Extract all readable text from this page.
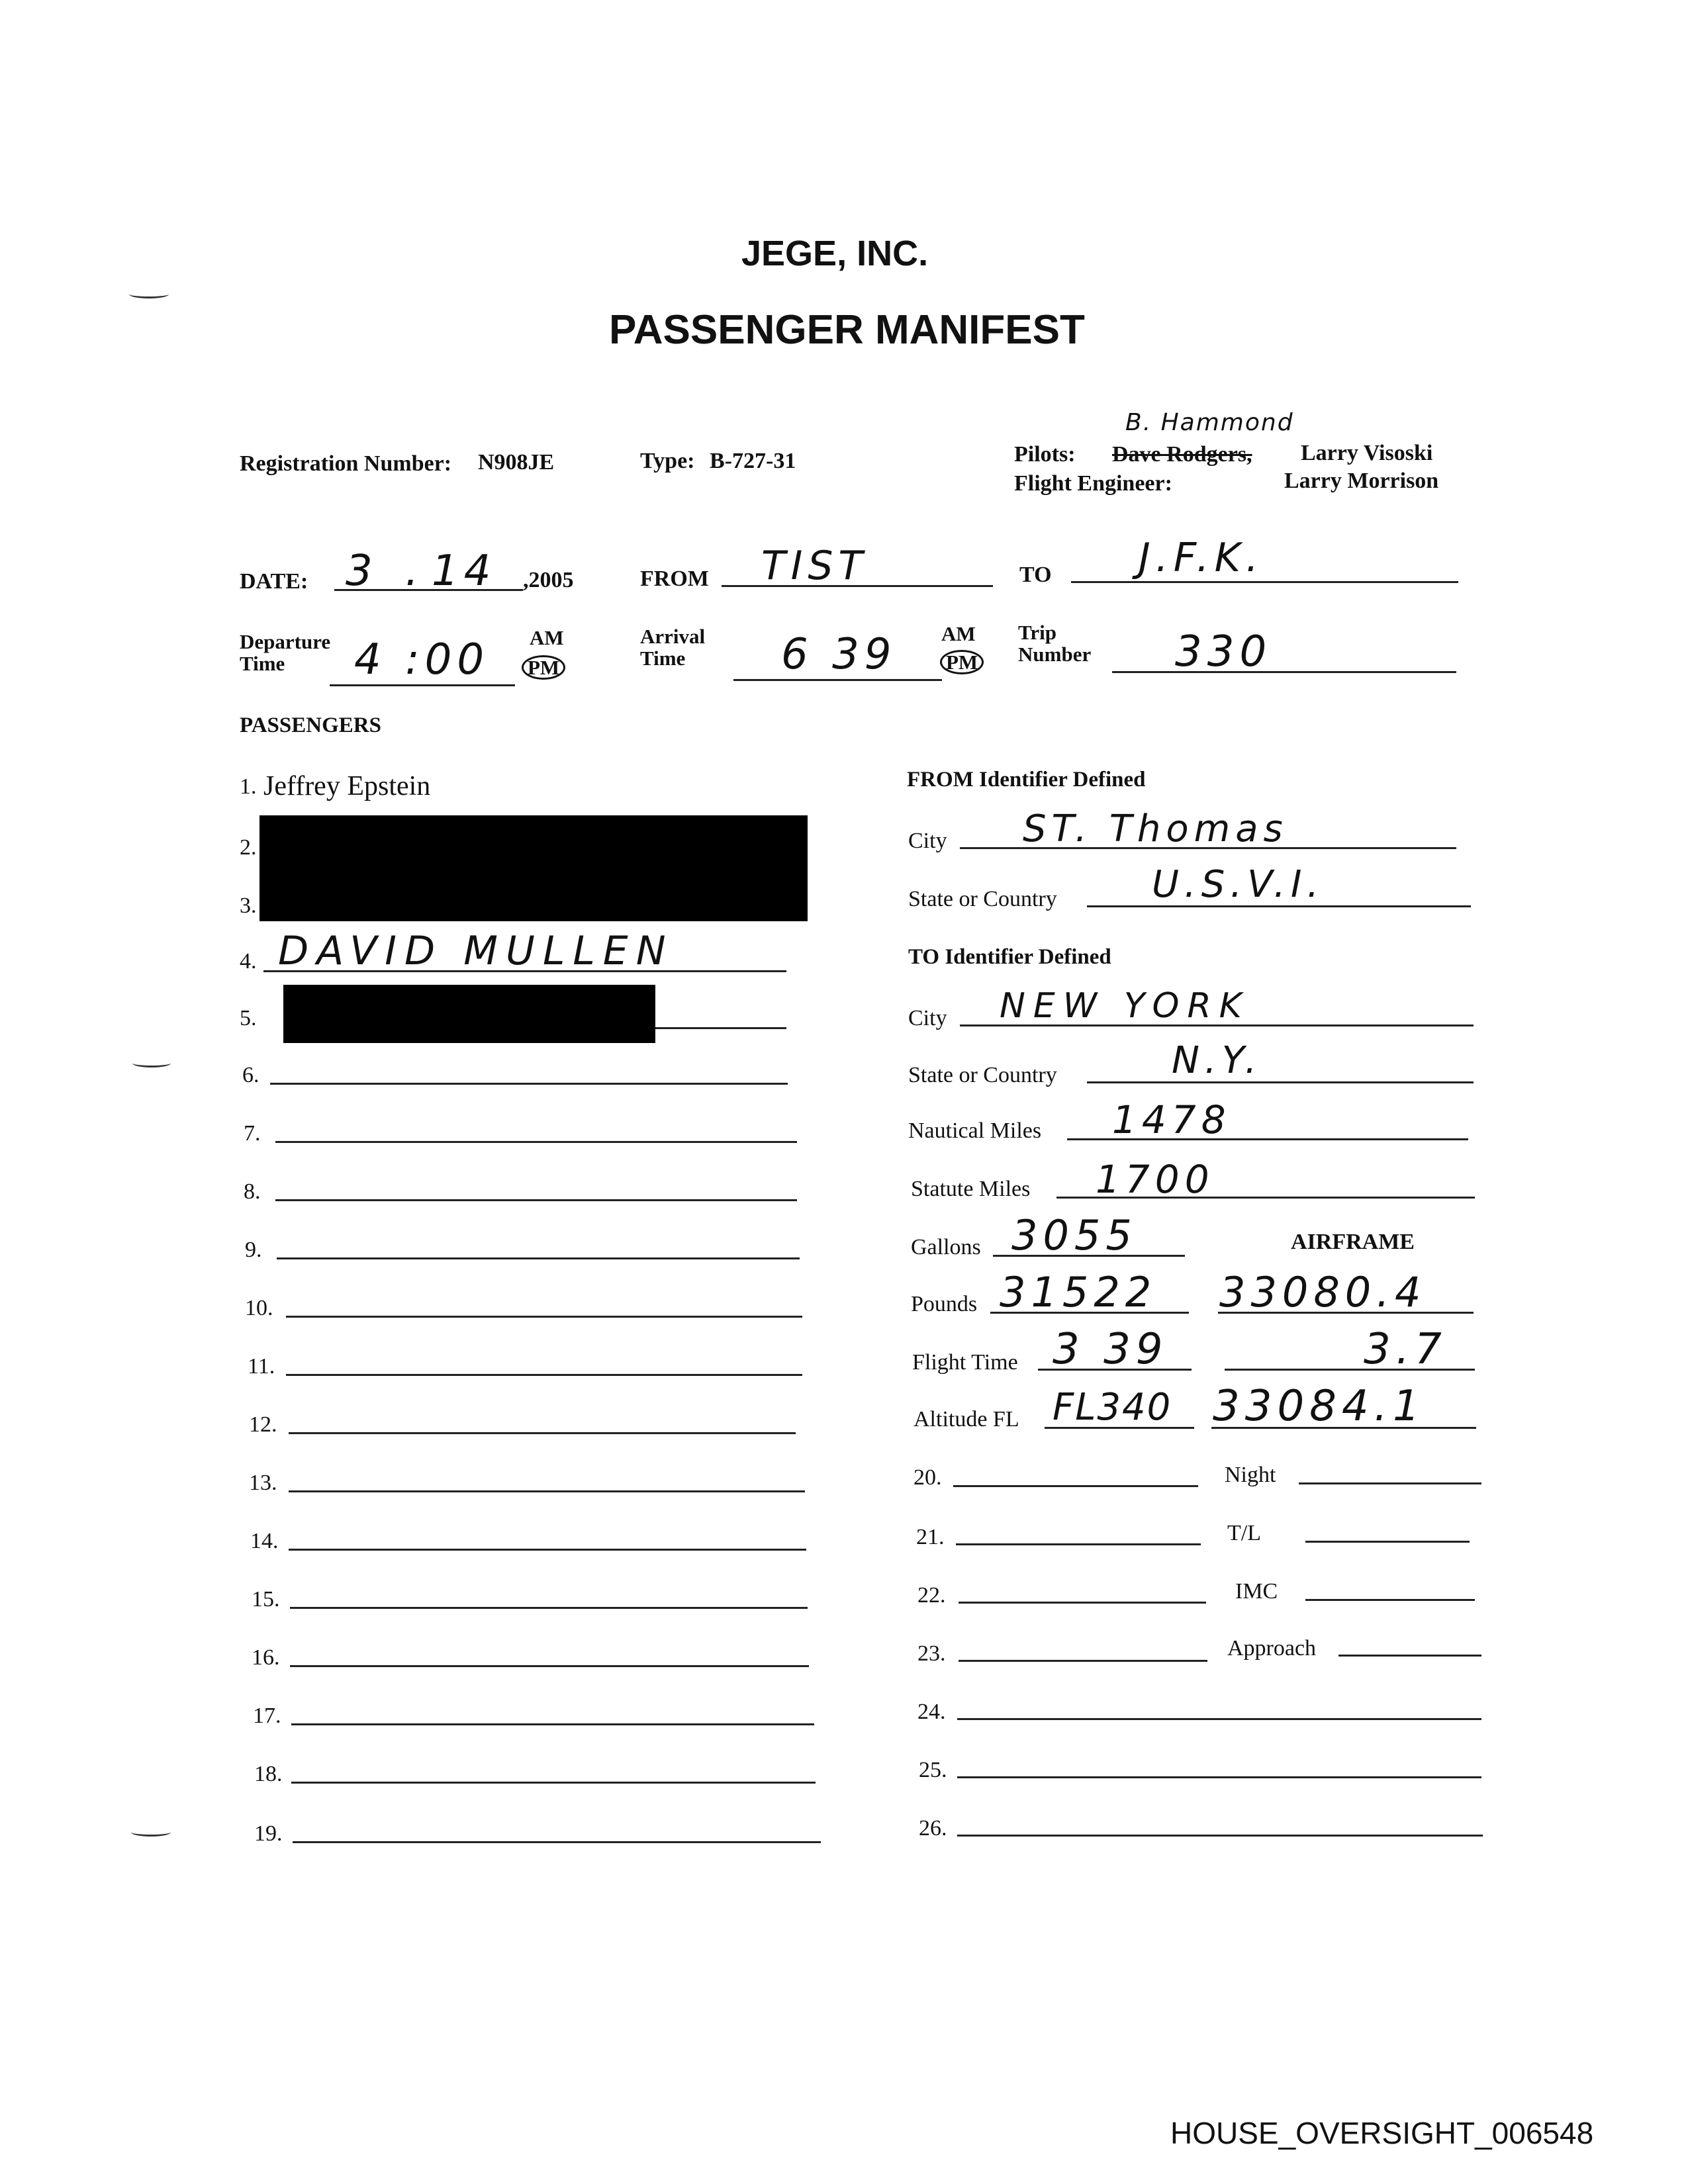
JEGE, INC.
PASSENGER MANIFEST
Registration Number: N908JE	Type: B-727-31
B. Hammond
Pilots: Dave Rodgers, Larry Visoski
Flight Engineer:	Larry Morrison
DATE: 3 . 14 ,2005	FROM TIST	TO J.F.K.
Departure
Time	4 :00 AM
PM
Arrival
Time	6 39 AM
PM
Trip
Number 330
PASSENGERS
1. Jeffrey Epstein
2.
3.
4. DAVID MULLEN
5.
6.
7.
8.
9.
10.
11.
12.
13.
14.
15.
16.
17.
18.
19.
FROM Identifier Defined
City ST. Thomas
State or Country	U.S.V.I.
TO Identifier Defined
City NEW YORK
State or Country	N.Y.
Nautical Miles 1478
Statute Miles 1700
Gallons 3055	AIRFRAME
Pounds 31522 33080.4
Flight Time 3 39	3.7
Altitude FL FL340 33084.1
20.	Night
21.	T/L
22.	IMC
23.	Approach
24.
25.
26.
HOUSE_OVERSIGHT_006548
